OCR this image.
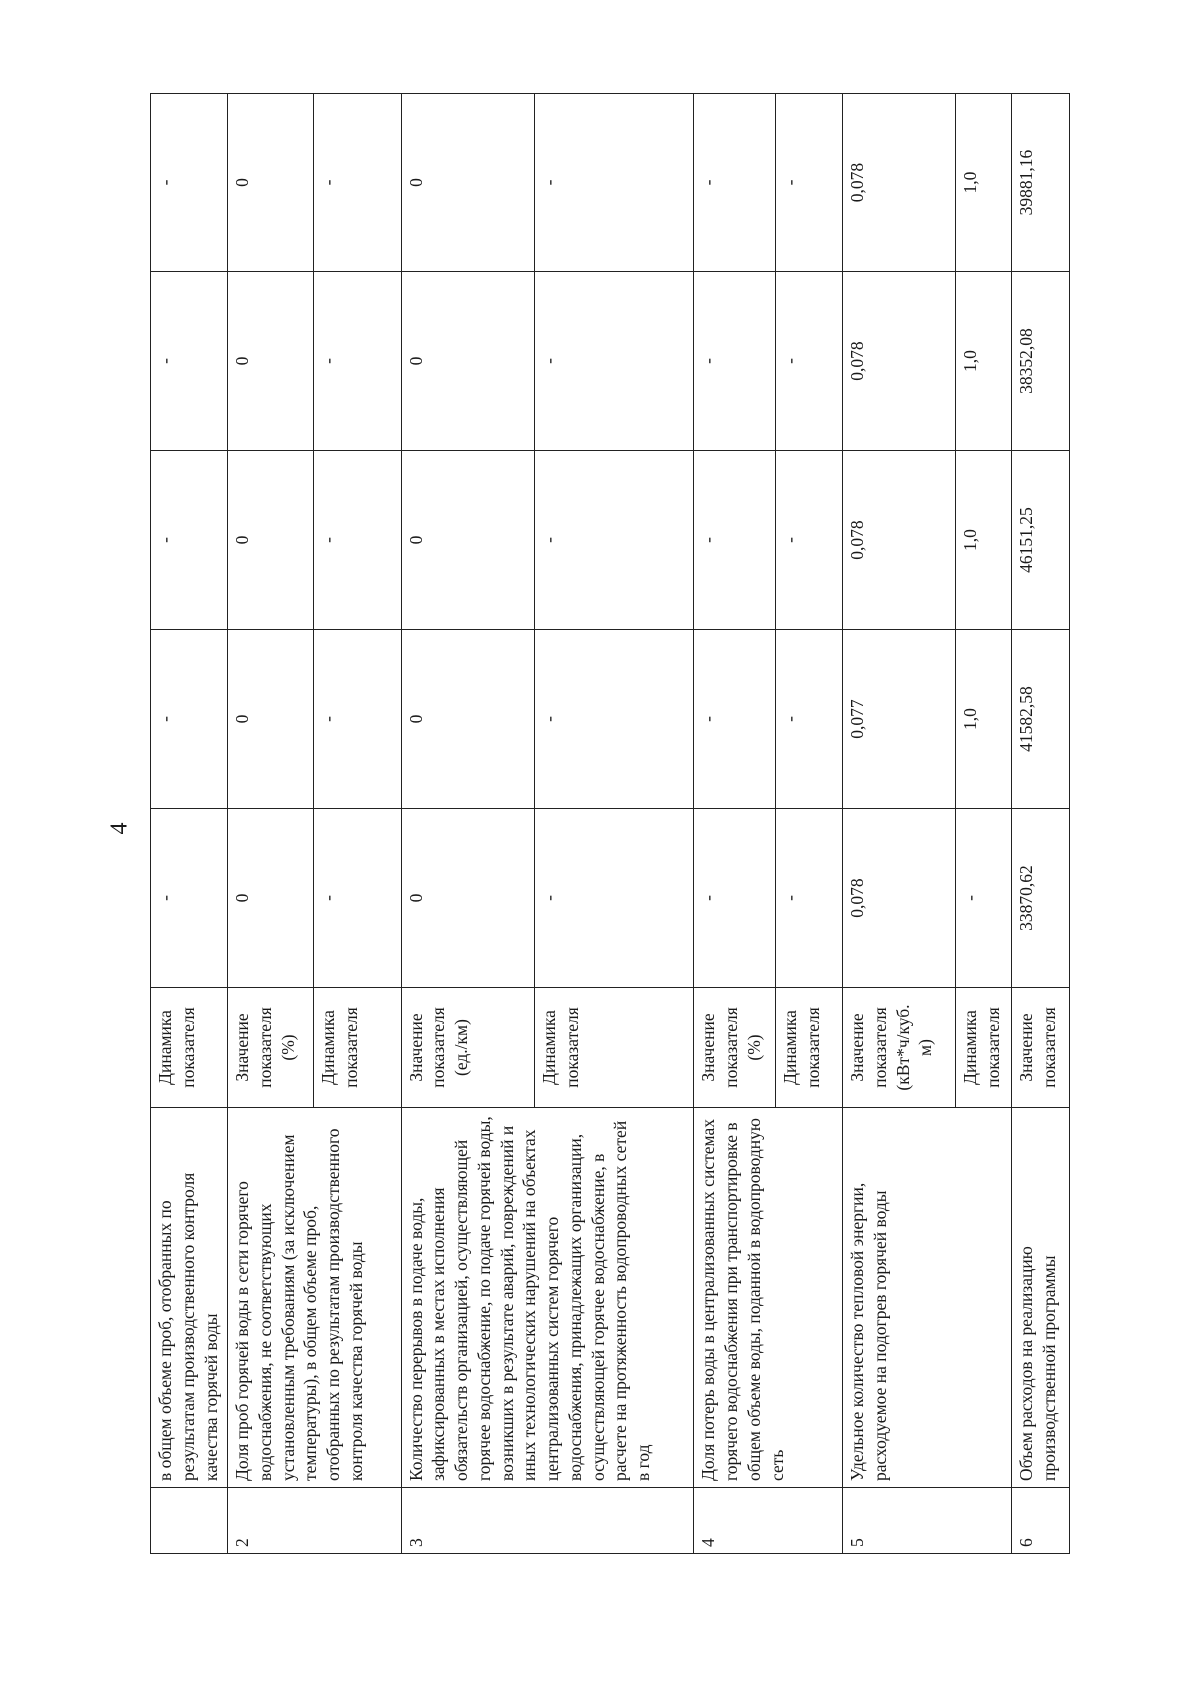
4
	в общем объеме проб, отобранных по результатам производственного контроля качества горячей воды	Динамика показателя	-	-	-	-	-
2	Доля проб горячей воды в сети горячего водоснабжения, не соответствующих установленным требованиям (за исключением температуры), в общем объеме проб, отобранных по результатам производственного контроля качества горячей воды	Значение показателя (%)	0	0	0	0	0
		Динамика показателя	-	-	-	-	-
3	Количество перерывов в подаче воды, зафиксированных в местах исполнения обязательств организацией, осуществляющей горячее водоснабжение, по подаче горячей воды, возникших в результате аварий, повреждений и иных технологических нарушений на объектах централизованных систем горячего водоснабжения, принадлежащих организации, осуществляющей горячее водоснабжение, в расчете на протяженность водопроводных сетей в год	Значение показателя (ед./км)	0	0	0	0	0
		Динамика показателя	-	-	-	-	-
4	Доля потерь воды в централизованных системах горячего водоснабжения при транспортировке в общем объеме воды, поданной в водопроводную сеть	Значение показателя (%)	-	-	-	-	-
		Динамика показателя	-	-	-	-	-
5	Удельное количество тепловой энергии, расходуемое на подогрев горячей воды	Значение показателя (кВт*ч/куб. м)	0,078	0,077	0,078	0,078	0,078
		Динамика показателя	-	1,0	1,0	1,0	1,0
6	Объем расходов на реализацию производственной программы	Значение показателя	33870,62	41582,58	46151,25	38352,08	39881,16
